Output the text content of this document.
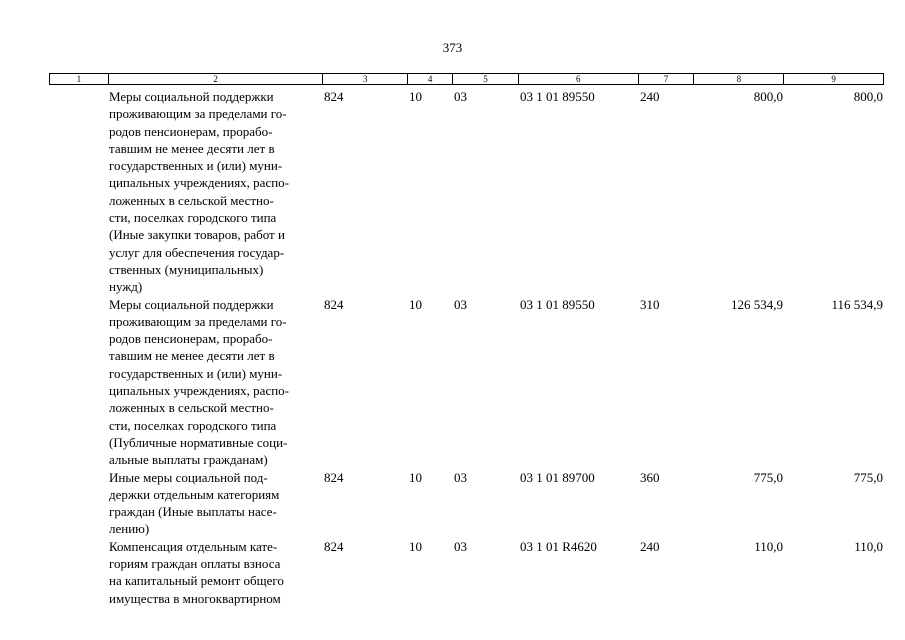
373
1	2	3	4	5	6	7	8	9
Меры социальной поддержки
проживающим за пределами го-
родов пенсионерам, прорабо-
тавшим не менее десяти лет в
государственных и (или) муни-
ципальных учреждениях, распо-
ложенных в сельской местно-
сти, поселках городского типа
(Иные закупки товаров, работ и
услуг для обеспечения государ-
ственных (муниципальных)
нужд)
824	10	03	03 1 01 89550	240	800,0	800,0
Меры социальной поддержки
проживающим за пределами го-
родов пенсионерам, прорабо-
тавшим не менее десяти лет в
государственных и (или) муни-
ципальных учреждениях, распо-
ложенных в сельской местно-
сти, поселках городского типа
(Публичные нормативные соци-
альные выплаты гражданам)
824	10	03	03 1 01 89550	310	126 534,9	116 534,9
Иные меры социальной под-
держки отдельным категориям
граждан (Иные выплаты насе-
лению)
824	10	03	03 1 01 89700	360	775,0	775,0
Компенсация отдельным кате-
гориям граждан оплаты взноса
на капитальный ремонт общего
имущества в многоквартирном
824	10	03	03 1 01 R4620	240	110,0	110,0
